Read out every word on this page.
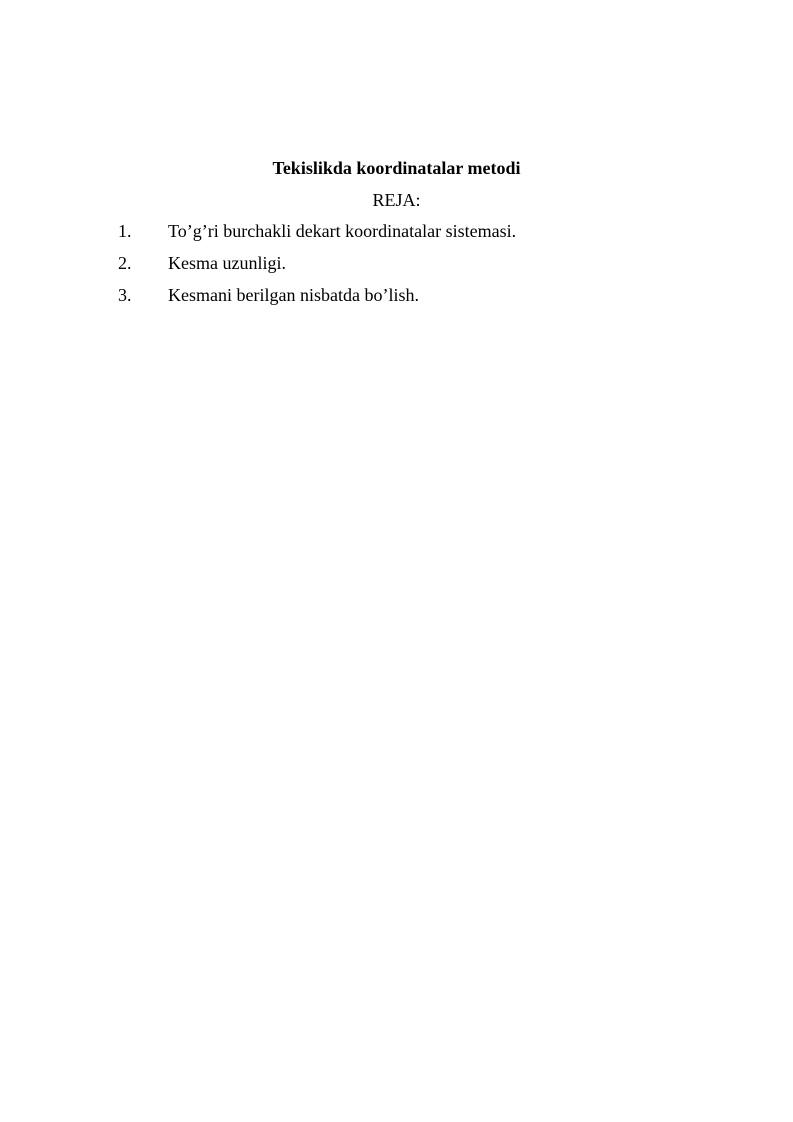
Tekislikda koordinatalar metodi
REJA:
1.	To’g’ri burchakli dekart koordinatalar sistemasi.
2.	Kesma uzunligi.
3.	Kesmani berilgan nisbatda bo’lish.
